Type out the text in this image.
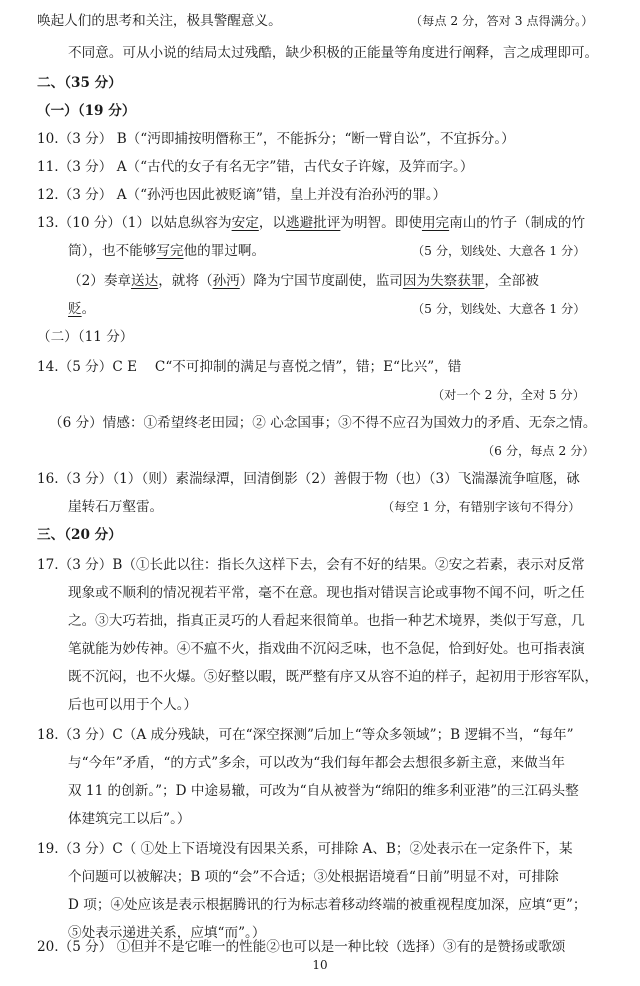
唤起人们的思考和关注，极具警醒意义。	（每点 2 分，答对 3 点得满分。）
不同意。可从小说的结局太过残酷，缺少积极的正能量等角度进行阐释，言之成理即可。
二、（35 分）
（一）（19 分）
10.（3 分） B（“沔即捕按明僭称王”，不能拆分；“断一臂自讼”，不宜拆分。）
11.（3 分） A（“古代的女子有名无字”错，古代女子许嫁，及笄而字。）
12.（3 分） A（“孙沔也因此被贬谪”错，皇上并没有治孙沔的罪。）
13.（10 分）（1）以姑息纵容为安定，以逃避批评为明智。即使用完南山的竹子（制成的竹
筒），也不能够写完他的罪过啊。	（5 分，划线处、大意各 1 分）
（2）奏章送达，就将（孙沔）降为宁国节度副使，监司因为失察获罪，全部被
贬。	（5 分，划线处、大意各 1 分）
（二）（11 分）
14.（5 分）C E　 C“不可抑制的满足与喜悦之情”，错；E“比兴”，错
（对一个 2 分，全对 5 分）
（6 分）情感：①希望终老田园；② 心念国事；③不得不应召为国效力的矛盾、无奈之情。
（6 分，每点 2 分）
16.（3 分）（1）（则）素湍绿潭，回清倒影（2）善假于物（也）（3）飞湍瀑流争喧豗，砯
崖转石万壑雷。	（每空 1 分，有错别字该句不得分）
三、（20 分）
17.（3 分）B（①长此以往：指长久这样下去，会有不好的结果。②安之若素，表示对反常
现象或不顺利的情况视若平常，毫不在意。现也指对错误言论或事物不闻不问，听之任
之。③大巧若拙，指真正灵巧的人看起来很简单。也指一种艺术境界，类似于写意，几
笔就能为妙传神。④不瘟不火，指戏曲不沉闷乏味，也不急促，恰到好处。也可指表演
既不沉闷，也不火爆。⑤好整以暇，既严整有序又从容不迫的样子，起初用于形容军队，
后也可以用于个人。）
18.（3 分）C（A 成分残缺，可在“深空探测”后加上“等众多领域”；B 逻辑不当，“每年”
与“今年”矛盾，“的方式”多余，可以改为“我们每年都会去想很多新主意，来做当年
双 11 的创新。”；D 中途易辙，可改为“自从被誉为“绵阳的维多利亚港”的三江码头整
体建筑完工以后”。）
19.（3 分）C（ ①处上下语境没有因果关系，可排除 A、B；②处表示在一定条件下，某
个问题可以被解决；B 项的“会”不合适；③处根据语境看“日前”明显不对，可排除
D 项；④处应该是表示根据腾讯的行为标志着移动终端的被重视程度加深，应填“更”；
⑤处表示递进关系，应填“而”。）
20.（5 分） ①但并不是它唯一的性能②也可以是一种比较（选择）③有的是赞扬或歌颂
10
